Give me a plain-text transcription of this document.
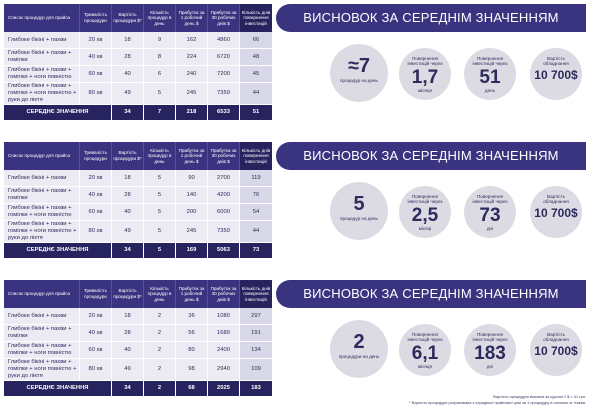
Список процедур для прайса	Тривалість процедури	Вартість процедури $*	Кількість процедур в день	Прибуток за 1 робочий день $	Прибуток за 30 робочих днів $	Кількість днів повернення інвестицій
Глибоке бікіні + пахви	20 хв	18	9	162	4860	66
Глибоке бікіні + пахви + гомілки	40 хв	28	8	224	6720	48
Глибоке бікіні + пахви + гомілки + ноги повністю	60 хв	40	6	240	7200	45
Глибоке бікіні + пахви + гомілки + ноги повністю + руки до ліктя	80 хв	49	5	245	7350	44
СЕРЕДНЄ ЗНАЧЕННЯ		34	7	218	6533	51
ВИСНОВОК ЗА СЕРЕДНІМ ЗНАЧЕННЯМ
≈7
процедур на день
Повернення інвестицій через
1,7
місяця
Повернення інвестицій через
51
день
Вартість обладнання
10 700$
Список процедур для прайса	Тривалість процедури	Вартість процедури $*	Кількість процедур в день	Прибуток за 1 робочий день $	Прибуток за 30 робочих днів $	Кількість днів повернення інвестицій
Глибоке бікіні + пахви	20 хв	18	5	90	2700	119
Глибоке бікіні + пахви + гомілки	40 хв	28	5	140	4200	76
Глибоке бікіні + пахви + гомілки + ноги повністю	60 хв	40	5	200	6000	54
Глибоке бікіні + пахви + гомілки + ноги повністю + руки до ліктя	80 хв	49	5	245	7350	44
СЕРЕДНЄ ЗНАЧЕННЯ		34	5	169	5063	73
ВИСНОВОК ЗА СЕРЕДНІМ ЗНАЧЕННЯМ
5
процедур на день
Повернення інвестицій через
2,5
місяці
Повернення інвестицій через
73
дні
Вартість обладнання
10 700$
Список процедур для прайса	Тривалість процедури	Вартість процедури $*	Кількість процедур в день	Прибуток за 1 робочий день $	Прибуток за 30 робочих днів $	Кількість днів повернення інвестицій
Глибоке бікіні + пахви	20 хв	18	2	36	1080	297
Глибоке бікіні + пахви + гомілки	40 хв	28	2	56	1680	191
Глибоке бікіні + пахви + гомілки + ноги повністю	60 хв	40	2	80	2400	134
Глибоке бікіні + пахви + гомілки + ноги повністю + руки до ліктя	80 хв	49	2	98	2940	109
СЕРЕДНЄ ЗНАЧЕННЯ		34	2	68	2025	183
ВИСНОВОК ЗА СЕРЕДНІМ ЗНАЧЕННЯМ
2
процедури на день
Повернення інвестицій через
6,1
місяця
Повернення інвестицій через
183
дні
Вартість обладнання
10 700$
Вартість процедури вказана за курсом 1 $ = 41 грн.
* Вартість процедури розрахована з середньої прайсової ціни за 1 процедуру в салонах м. Києва.
